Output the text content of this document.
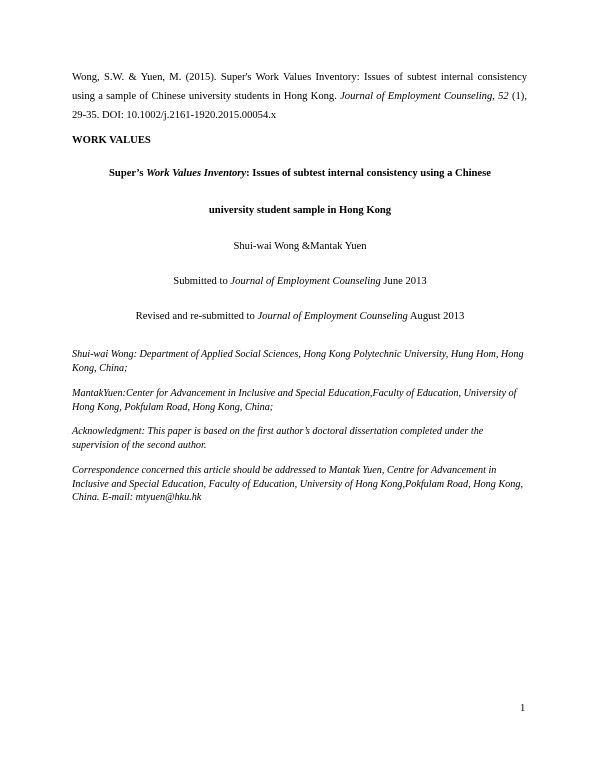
Wong, S.W. & Yuen, M. (2015). Super's Work Values Inventory: Issues of subtest internal consistency using a sample of Chinese university students in Hong Kong. Journal of Employment Counseling, 52 (1), 29-35. DOI: 10.1002/j.2161-1920.2015.00054.x
WORK VALUES
Super’s Work Values Inventory: Issues of subtest internal consistency using a Chinese
university student sample in Hong Kong
Shui-wai Wong &Mantak Yuen
Submitted to Journal of Employment Counseling June 2013
Revised and re-submitted to Journal of Employment Counseling August 2013
Shui-wai Wong: Department of Applied Social Sciences, Hong Kong Polytechnic University, Hung Hom, Hong Kong, China;
MantakYuen:Center for Advancement in Inclusive and Special Education,Faculty of Education, University of Hong Kong, Pokfulam Road, Hong Kong, China;
Acknowledgment: This paper is based on the first author’s doctoral dissertation completed under the supervision of the second author.
Correspondence concerned this article should be addressed to Mantak Yuen, Centre for Advancement in Inclusive and Special Education, Faculty of Education, University of Hong Kong,Pokfulam Road, Hong Kong, China. E-mail: mtyuen@hku.hk
1
